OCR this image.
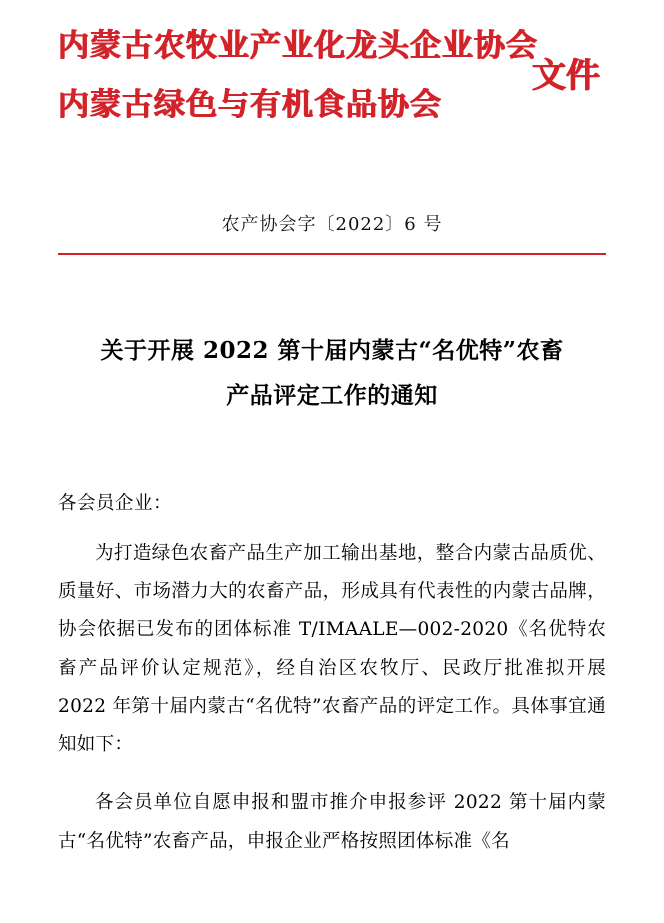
内蒙古农牧业产业化龙头企业协会
内蒙古绿色与有机食品协会
文件
农产协会字〔2022〕6 号
关于开展 2022 第十届内蒙古“名优特”农畜
产品评定工作的通知
各会员企业：
为打造绿色农畜产品生产加工输出基地，整合内蒙古品质优、质量好、市场潜力大的农畜产品，形成具有代表性的内蒙古品牌，协会依据已发布的团体标准 T/IMAALE—002-2020《名优特农畜产品评价认定规范》，经自治区农牧厅、民政厅批准拟开展 2022 年第十届内蒙古“名优特”农畜产品的评定工作。具体事宜通知如下：
各会员单位自愿申报和盟市推介申报参评 2022 第十届内蒙古“名优特”农畜产品，申报企业严格按照团体标准《名
